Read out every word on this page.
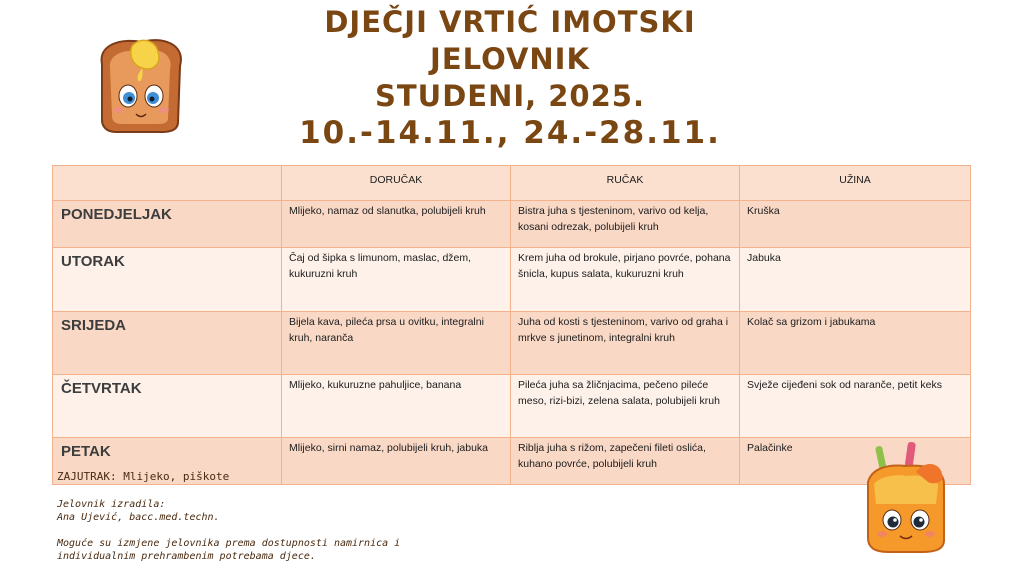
DJEČJI VRTIĆ IMOTSKI
JELOVNIK
STUDENI, 2025.
10.-14.11., 24.-28.11.
	DORUČAK	RUČAK	UŽINA
PONEDJELJAK	Mlijeko, namaz od slanutka, polubijeli kruh	Bistra juha s tjesteninom, varivo od kelja, kosani odrezak, polubijeli kruh	Kruška
UTORAK	Čaj od šipka s limunom, maslac, džem, kukuruzni kruh	Krem juha od brokule, pirjano povrće, pohana šnicla, kupus salata, kukuruzni kruh	Jabuka
SRIJEDA	Bijela kava, pileća prsa u ovitku, integralni kruh, naranča	Juha od kosti s tjesteninom, varivo od graha i mrkve s junetinom, integralni kruh	Kolač sa grizom i jabukama
ČETVRTAK	Mlijeko, kukuruzne pahuljice, banana	Pileća juha sa žličnjacima, pečeno pileće meso, rizi-bizi, zelena salata, polubijeli kruh	Svježe cijeđeni sok od naranče, petit keks
PETAK	Mlijeko, sirni namaz, polubijeli kruh, jabuka	Riblja juha s rižom, zapečeni fileti oslića, kuhano povrće, polubijeli kruh	Palačinke
ZAJUTRAK: Mlijeko, piškote
Jelovnik izradila:
Ana Ujević, bacc.med.techn.
Moguće su izmjene jelovnika prema dostupnosti namirnica i
individualnim prehrambenim potrebama djece.
